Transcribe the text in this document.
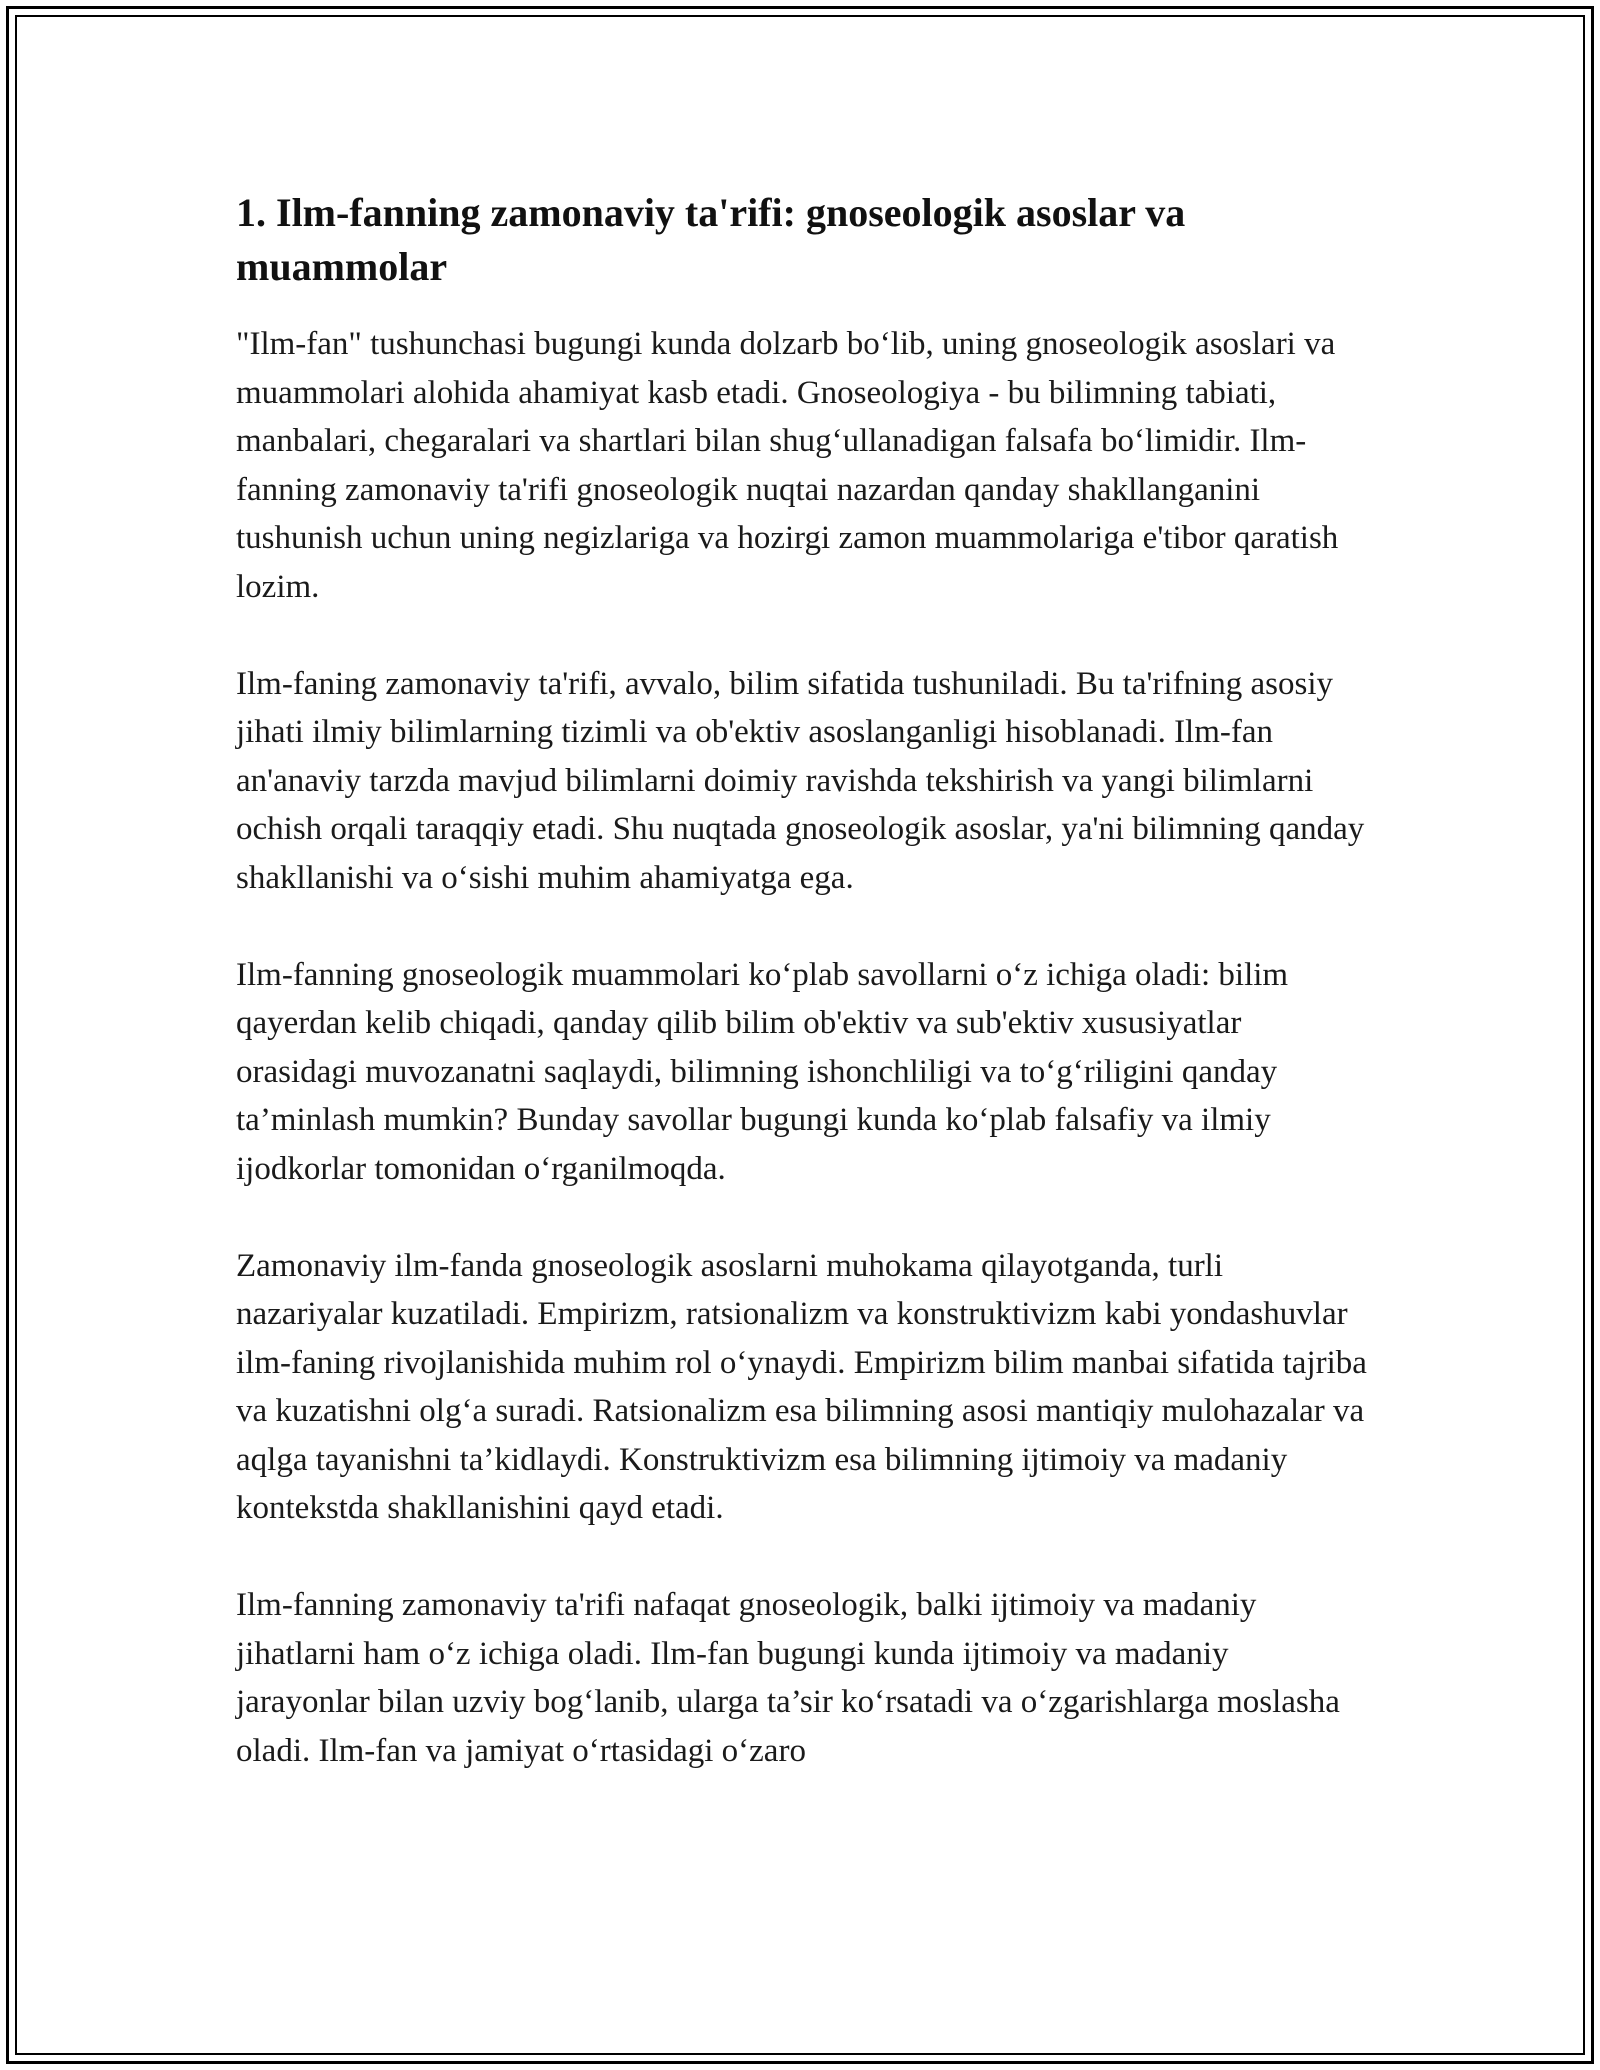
1. Ilm-fanning zamonaviy ta'rifi: gnoseologik asoslar va muammolar

"Ilm-fan" tushunchasi bugungi kunda dolzarb bo‘lib, uning gnoseologik asoslari va muammolari alohida ahamiyat kasb etadi. Gnoseologiya - bu bilimning tabiati, manbalari, chegaralari va shartlari bilan shug‘ullanadigan falsafa bo‘limidir. Ilm-fanning zamonaviy ta'rifi gnoseologik nuqtai nazardan qanday shakllanganini tushunish uchun uning negizlariga va hozirgi zamon muammolariga e'tibor qaratish lozim.

Ilm-faning zamonaviy ta'rifi, avvalo, bilim sifatida tushuniladi. Bu ta'rifning asosiy jihati ilmiy bilimlarning tizimli va ob'ektiv asoslanganligi hisoblanadi. Ilm-fan an'anaviy tarzda mavjud bilimlarni doimiy ravishda tekshirish va yangi bilimlarni ochish orqali taraqqiy etadi. Shu nuqtada gnoseologik asoslar, ya'ni bilimning qanday shakllanishi va o‘sishi muhim ahamiyatga ega.

Ilm-fanning gnoseologik muammolari ko‘plab savollarni o‘z ichiga oladi: bilim qayerdan kelib chiqadi, qanday qilib bilim ob'ektiv va sub'ektiv xususiyatlar orasidagi muvozanatni saqlaydi, bilimning ishonchliligi va to‘g‘riligini qanday ta’minlash mumkin? Bunday savollar bugungi kunda ko‘plab falsafiy va ilmiy ijodkorlar tomonidan o‘rganilmoqda.

Zamonaviy ilm-fanda gnoseologik asoslarni muhokama qilayotganda, turli nazariyalar kuzatiladi. Empirizm, ratsionalizm va konstruktivizm kabi yondashuvlar ilm-faning rivojlanishida muhim rol o‘ynaydi. Empirizm bilim manbai sifatida tajriba va kuzatishni olg‘a suradi. Ratsionalizm esa bilimning asosi mantiqiy mulohazalar va aqlga tayanishni ta’kidlaydi. Konstruktivizm esa bilimning ijtimoiy va madaniy kontekstda shakllanishini qayd etadi.

Ilm-fanning zamonaviy ta'rifi nafaqat gnoseologik, balki ijtimoiy va madaniy jihatlarni ham o‘z ichiga oladi. Ilm-fan bugungi kunda ijtimoiy va madaniy jarayonlar bilan uzviy bog‘lanib, ularga ta’sir ko‘rsatadi va o‘zgarishlarga moslasha oladi. Ilm-fan va jamiyat o‘rtasidagi o‘zaro
